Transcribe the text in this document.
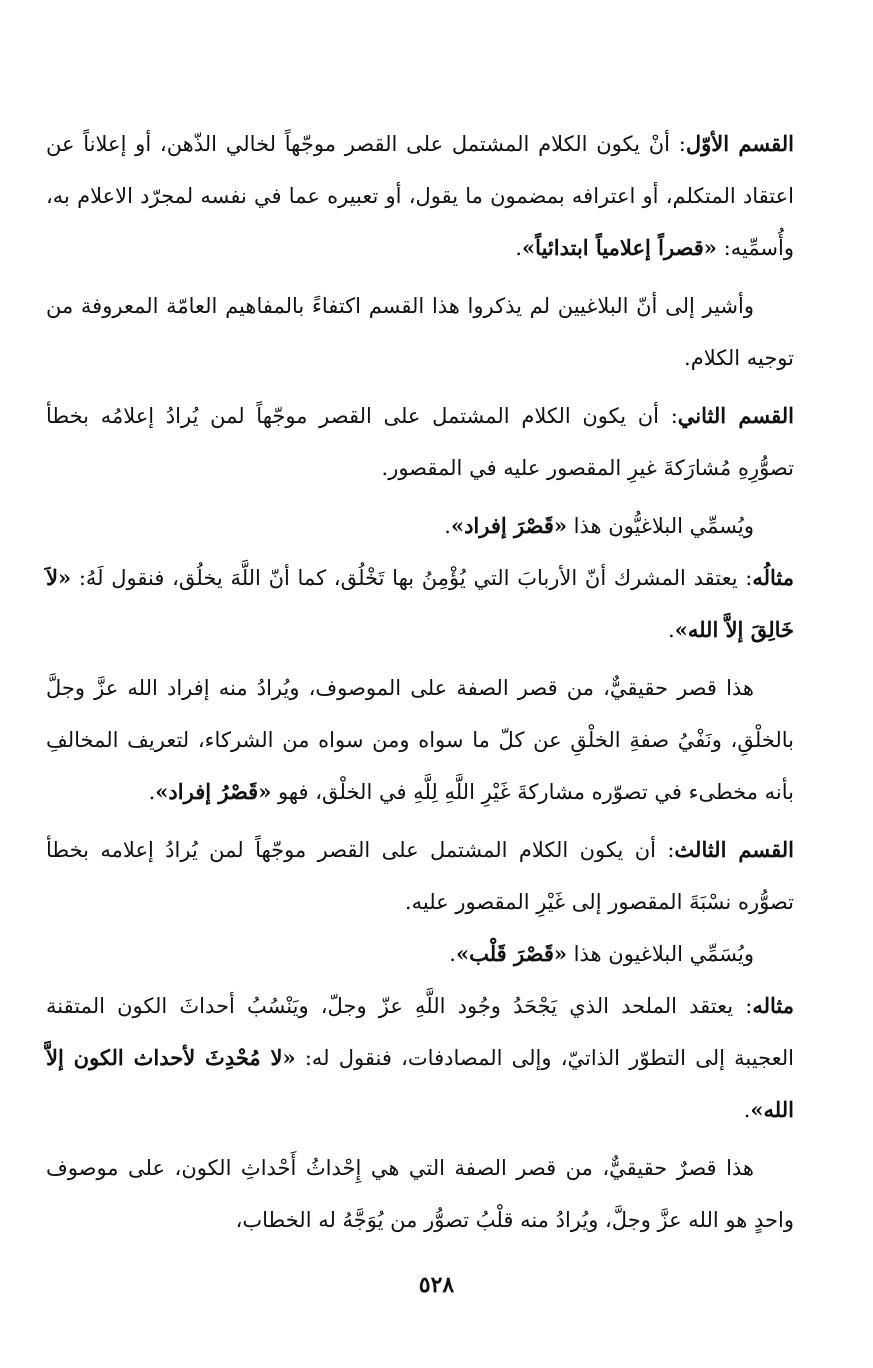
القسم الأوّل: أنْ يكون الكلام المشتمل على القصر موجّهاً لخالي الذّهن، أو إعلاناً عن اعتقاد المتكلم، أو اعترافه بمضمون ما يقول، أو تعبيره عما في نفسه لمجرّد الاعلام به، وأُسمِّيه: «قصراً إعلامياً ابتدائياً».

وأشير إلى أنّ البلاغيين لم يذكروا هذا القسم اكتفاءً بالمفاهيم العامّة المعروفة من توجيه الكلام.

القسم الثاني: أن يكون الكلام المشتمل على القصر موجّهاً لمن يُرادُ إعلامُه بخطأ تصوُّرِهِ مُشارَكةَ غيرِ المقصور عليه في المقصور.

ويُسمِّي البلاغيُّون هذا «قَصْرَ إفراد».

مثالُه: يعتقد المشرك أنّ الأربابَ التي يُؤْمِنُ بها تَخْلُق، كما أنّ اللَّهَ يخلُق، فنقول لَهُ: «لاَ خَالِقَ إلاَّ الله».

هذا قصر حقيقيٌّ، من قصر الصفة على الموصوف، ويُرادُ منه إفراد الله عزَّ وجلَّ بالخلْقِ، ونَفْيُ صفةِ الخلْقِ عن كلّ ما سواه ومن سواه من الشركاء، لتعريف المخالفِ بأنه مخطىء في تصوّره مشاركةَ غَيْرِ اللَّهِ لِلَّهِ في الخلْق، فهو «قَصْرُ إفراد».

القسم الثالث: أن يكون الكلام المشتمل على القصر موجّهاً لمن يُرادُ إعلامه بخطأ تصوُّره نسْبَةَ المقصور إلى غَيْرِ المقصور عليه.

ويُسَمِّي البلاغيون هذا «قَصْرَ قَلْب».

مثاله: يعتقد الملحد الذي يَجْحَدُ وجُود اللَّهِ عزّ وجلّ، ويَنْسُبُ أحداثَ الكون المتقنة العجيبة إلى التطوّر الذاتيّ، وإلى المصادفات، فنقول له: «لا مُحْدِثَ لأحداث الكون إلاَّ الله».

هذا قصرٌ حقيقيٌّ، من قصر الصفة التي هي إِحْداثُ أَحْداثِ الكون، على موصوف واحدٍ هو الله عزَّ وجلَّ، ويُرادُ منه قلْبُ تصوُّر من يُوَجَّهُ له الخطاب،

٥٢٨
